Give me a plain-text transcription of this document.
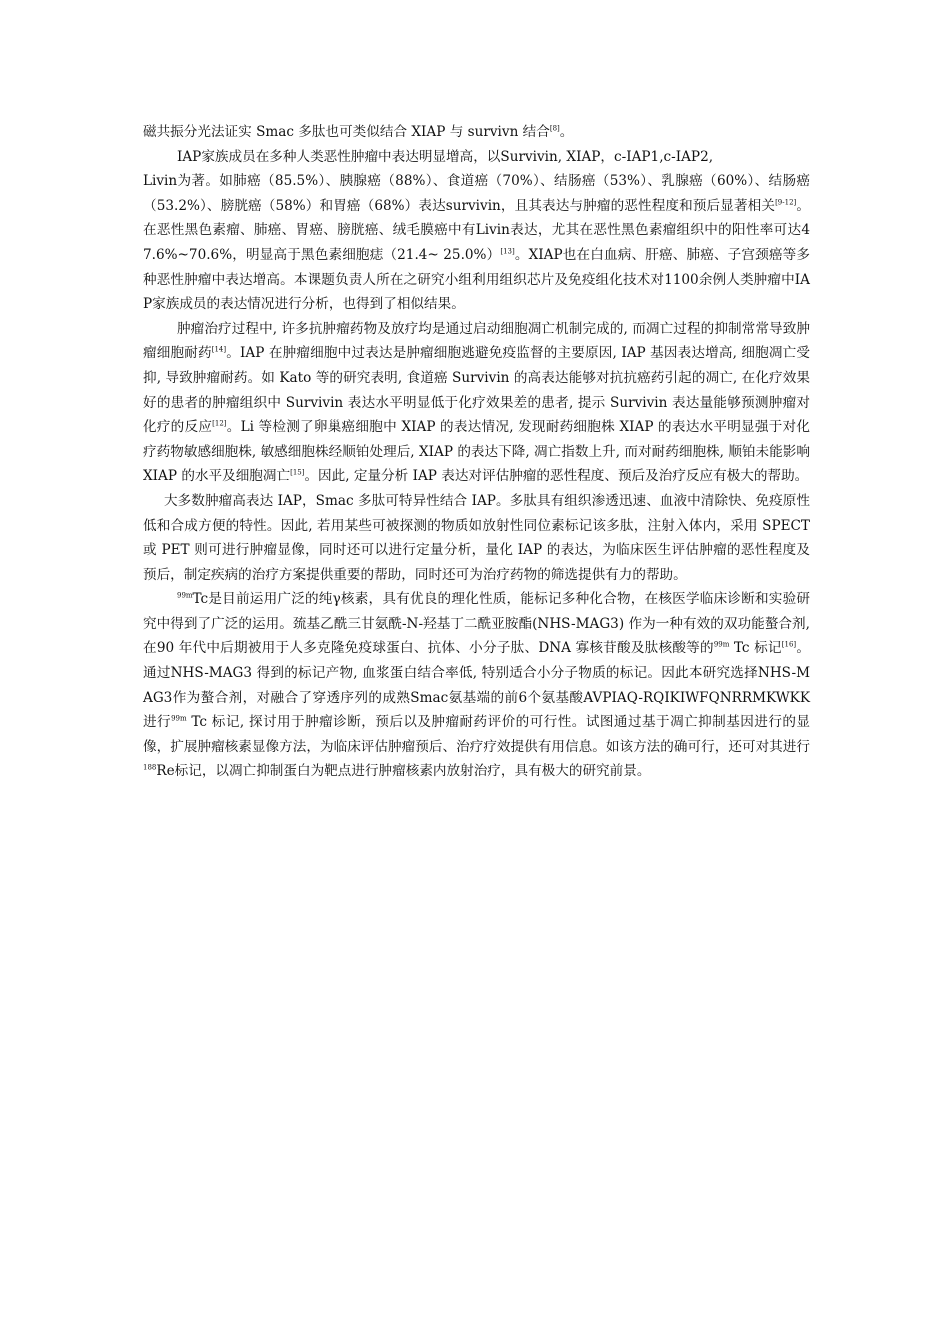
磁共振分光法证实 Smac 多肽也可类似结合 XIAP 与 survivn 结合[8]。

IAP家族成员在多种人类恶性肿瘤中表达明显增高，以Survivin, XIAP，c-IAP1,c-IAP2,
Livin为著。如肺癌（85.5%）、胰腺癌（88%）、食道癌（70%）、结肠癌（53%）、乳腺癌（60%）、结肠癌（53.2%）、膀胱癌（58%）和胃癌（68%）表达survivin，且其表达与肿瘤的恶性程度和预后显著相关[9-12]。在恶性黑色素瘤、肺癌、胃癌、膀胱癌、绒毛膜癌中有Livin表达，尤其在恶性黑色素瘤组织中的阳性率可达47.6%~70.6%，明显高于黑色素细胞痣（21.4~ 25.0%）[13]。XIAP也在白血病、肝癌、肺癌、子宫颈癌等多种恶性肿瘤中表达增高。本课题负责人所在之研究小组利用组织芯片及免疫组化技术对1100余例人类肿瘤中IAP家族成员的表达情况进行分析，也得到了相似结果。

肿瘤治疗过程中, 许多抗肿瘤药物及放疗均是通过启动细胞凋亡机制完成的, 而凋亡过程的抑制常常导致肿瘤细胞耐药[14]。IAP 在肿瘤细胞中过表达是肿瘤细胞逃避免疫监督的主要原因, IAP 基因表达增高, 细胞凋亡受抑, 导致肿瘤耐药。如 Kato 等的研究表明, 食道癌 Survivin 的高表达能够对抗抗癌药引起的凋亡, 在化疗效果好的患者的肿瘤组织中 Survivin 表达水平明显低于化疗效果差的患者, 提示 Survivin 表达量能够预测肿瘤对化疗的反应[12]。Li 等检测了卵巢癌细胞中 XIAP 的表达情况, 发现耐药细胞株 XIAP 的表达水平明显强于对化疗药物敏感细胞株, 敏感细胞株经顺铂处理后, XIAP 的表达下降, 凋亡指数上升, 而对耐药细胞株, 顺铂未能影响 XIAP 的水平及细胞凋亡[15]。因此, 定量分析 IAP 表达对评估肿瘤的恶性程度、预后及治疗反应有极大的帮助。

大多数肿瘤高表达 IAP，Smac 多肽可特异性结合 IAP。多肽具有组织渗透迅速、血液中清除快、免疫原性低和合成方便的特性。因此, 若用某些可被探测的物质如放射性同位素标记该多肽，注射入体内，采用 SPECT 或 PET 则可进行肿瘤显像，同时还可以进行定量分析，量化 IAP 的表达，为临床医生评估肿瘤的恶性程度及预后，制定疾病的治疗方案提供重要的帮助，同时还可为治疗药物的筛选提供有力的帮助。

$^{99m}$Tc是目前运用广泛的纯γ核素，具有优良的理化性质，能标记多种化合物，在核医学临床诊断和实验研究中得到了广泛的运用。巯基乙酰三甘氨酰-N-羟基丁二酰亚胺酯(NHS-MAG3) 作为一种有效的双功能螯合剂, 在90 年代中后期被用于人多克隆免疫球蛋白、抗体、小分子肽、DNA 寡核苷酸及肽核酸等的$^{99m}$ Tc 标记[16]。通过NHS-MAG3 得到的标记产物, 血浆蛋白结合率低, 特别适合小分子物质的标记。因此本研究选择NHS-MAG3作为螯合剂，对融合了穿透序列的成熟Smac氨基端的前6个氨基酸AVPIAQ-RQIKIWFQNRRMKWKK 进行$^{99m}$ Tc 标记, 探讨用于肿瘤诊断，预后以及肿瘤耐药评价的可行性。试图通过基于凋亡抑制基因进行的显像，扩展肿瘤核素显像方法，为临床评估肿瘤预后、治疗疗效提供有用信息。如该方法的确可行，还可对其进行$^{188}$Re标记，以凋亡抑制蛋白为靶点进行肿瘤核素内放射治疗，具有极大的研究前景。
